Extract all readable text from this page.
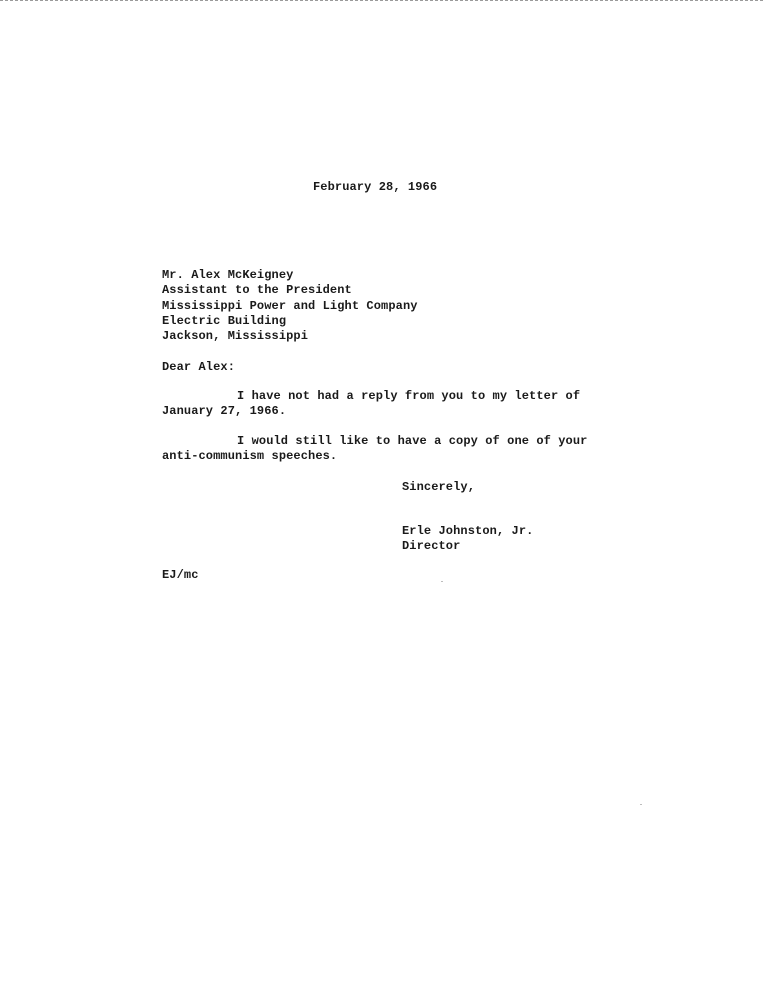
February 28, 1966
Mr. Alex McKeigney
Assistant to the President
Mississippi Power and Light Company
Electric Building
Jackson, Mississippi
Dear Alex:
I have not had a reply from you to my letter of
January 27, 1966.
I would still like to have a copy of one of your
anti-communism speeches.
Sincerely,
Erle Johnston, Jr.
Director
EJ/mc
